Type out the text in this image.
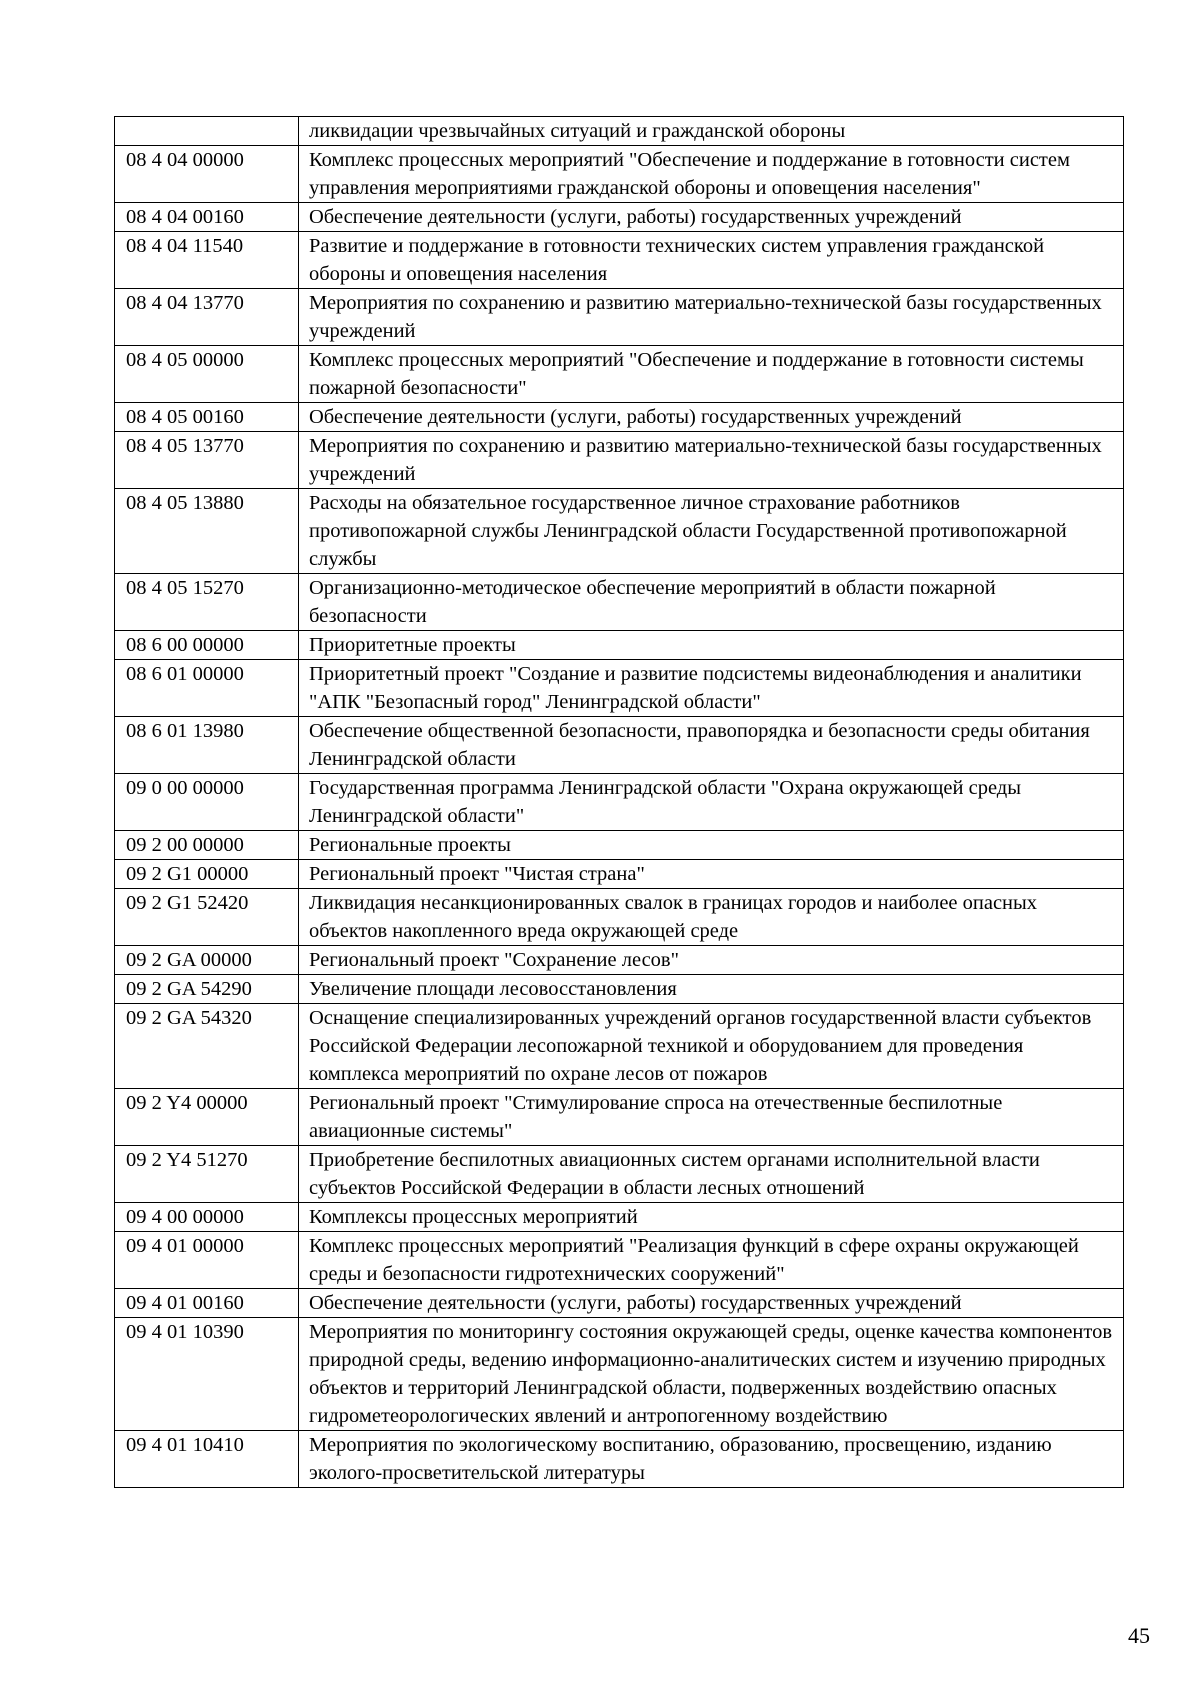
	ликвидации чрезвычайных ситуаций и гражданской обороны
08 4 04 00000	Комплекс процессных мероприятий "Обеспечение и поддержание в готовности систем управления мероприятиями гражданской обороны и оповещения населения"
08 4 04 00160	Обеспечение деятельности (услуги, работы) государственных учреждений
08 4 04 11540	Развитие и поддержание в готовности технических систем управления гражданской обороны и оповещения населения
08 4 04 13770	Мероприятия по сохранению и развитию материально-технической базы государственных учреждений
08 4 05 00000	Комплекс процессных мероприятий "Обеспечение и поддержание в готовности системы пожарной безопасности"
08 4 05 00160	Обеспечение деятельности (услуги, работы) государственных учреждений
08 4 05 13770	Мероприятия по сохранению и развитию материально-технической базы государственных учреждений
08 4 05 13880	Расходы на обязательное государственное личное страхование работников противопожарной службы Ленинградской области Государственной противопожарной службы
08 4 05 15270	Организационно-методическое обеспечение мероприятий в области пожарной безопасности
08 6 00 00000	Приоритетные проекты
08 6 01 00000	Приоритетный проект "Создание и развитие подсистемы видеонаблюдения и аналитики "АПК "Безопасный город" Ленинградской области"
08 6 01 13980	Обеспечение общественной безопасности, правопорядка и безопасности среды обитания Ленинградской области
09 0 00 00000	Государственная программа Ленинградской области "Охрана окружающей среды Ленинградской области"
09 2 00 00000	Региональные проекты
09 2 G1 00000	Региональный проект "Чистая страна"
09 2 G1 52420	Ликвидация несанкционированных свалок в границах городов и наиболее опасных объектов накопленного вреда окружающей среде
09 2 GA 00000	Региональный проект "Сохранение лесов"
09 2 GA 54290	Увеличение площади лесовосстановления
09 2 GA 54320	Оснащение специализированных учреждений органов государственной власти субъектов Российской Федерации лесопожарной техникой и оборудованием для проведения комплекса мероприятий по охране лесов от пожаров
09 2 Y4 00000	Региональный проект "Стимулирование спроса на отечественные беспилотные авиационные системы"
09 2 Y4 51270	Приобретение беспилотных авиационных систем органами исполнительной власти субъектов Российской Федерации в области лесных отношений
09 4 00 00000	Комплексы процессных мероприятий
09 4 01 00000	Комплекс процессных мероприятий "Реализация функций в сфере охраны окружающей среды и безопасности гидротехнических сооружений"
09 4 01 00160	Обеспечение деятельности (услуги, работы) государственных учреждений
09 4 01 10390	Мероприятия по мониторингу состояния окружающей среды, оценке качества компонентов природной среды, ведению информационно-аналитических систем и изучению природных объектов и территорий Ленинградской области, подверженных воздействию опасных гидрометеорологических явлений и антропогенному воздействию
09 4 01 10410	Мероприятия по экологическому воспитанию, образованию, просвещению, изданию эколого-просветительской литературы
45
